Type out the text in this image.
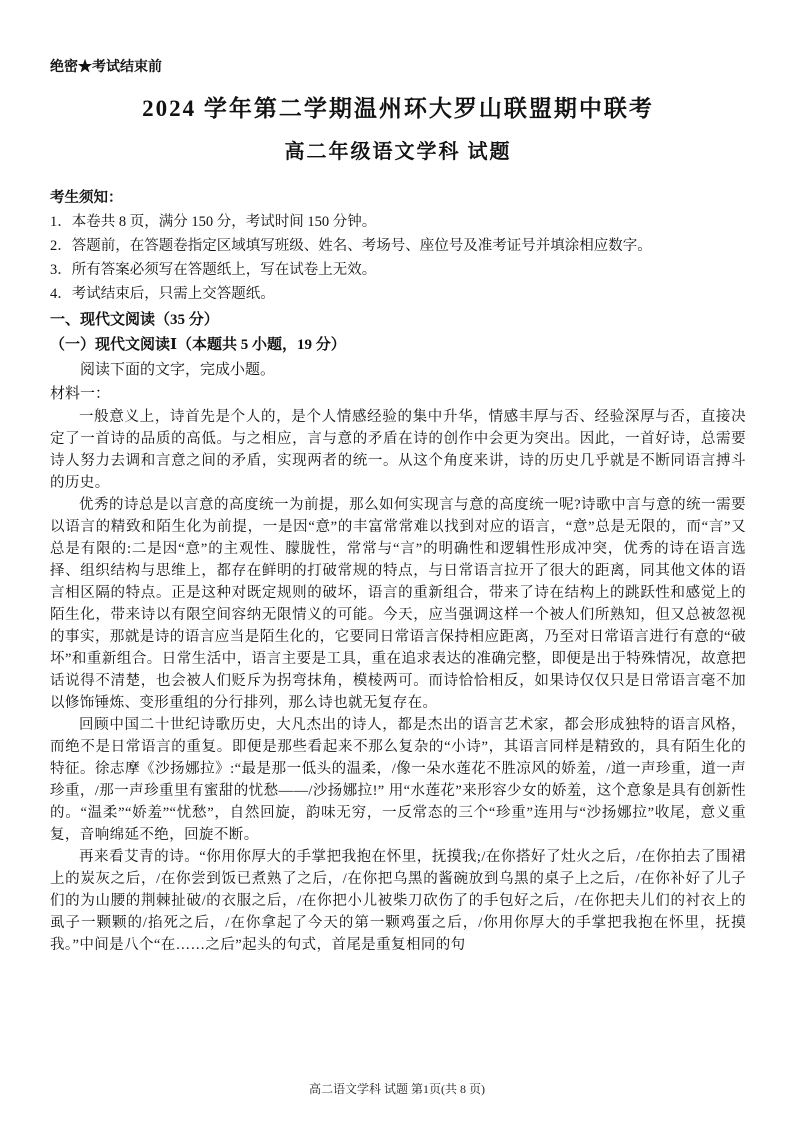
绝密★考试结束前
2024 学年第二学期温州环大罗山联盟期中联考
高二年级语文学科 试题
考生须知：
1．本卷共 8 页，满分 150 分，考试时间 150 分钟。
2．答题前，在答题卷指定区域填写班级、姓名、考场号、座位号及准考证号并填涂相应数字。
3．所有答案必须写在答题纸上，写在试卷上无效。
4．考试结束后，只需上交答题纸。
一、现代文阅读（35 分）
（一）现代文阅读Ⅰ（本题共 5 小题，19 分）
阅读下面的文字，完成小题。
材料一：

一般意义上，诗首先是个人的，是个人情感经验的集中升华，情感丰厚与否、经验深厚与否，直接决定了一首诗的品质的高低。与之相应，言与意的矛盾在诗的创作中会更为突出。因此，一首好诗，总需要诗人努力去调和言意之间的矛盾，实现两者的统一。从这个角度来讲，诗的历史几乎就是不断同语言搏斗的历史。

优秀的诗总是以言意的高度统一为前提，那么如何实现言与意的高度统一呢?诗歌中言与意的统一需要以语言的精致和陌生化为前提，一是因“意”的丰富常常难以找到对应的语言，“意”总是无限的，而“言”又总是有限的:二是因“意”的主观性、朦胧性，常常与“言”的明确性和逻辑性形成冲突，优秀的诗在语言选择、组织结构与思维上，都存在鲜明的打破常规的特点，与日常语言拉开了很大的距离，同其他文体的语言相区隔的特点。正是这种对既定规则的破坏，语言的重新组合，带来了诗在结构上的跳跃性和感觉上的陌生化，带来诗以有限空间容纳无限情义的可能。今天，应当强调这样一个被人们所熟知，但又总被忽视的事实，那就是诗的语言应当是陌生化的，它要同日常语言保持相应距离，乃至对日常语言进行有意的“破坏”和重新组合。日常生活中，语言主要是工具，重在追求表达的准确完整，即便是出于特殊情况，故意把话说得不清楚，也会被人们贬斥为拐弯抹角，模棱两可。而诗恰恰相反，如果诗仅仅只是日常语言毫不加以修饰锤炼、变形重组的分行排列，那么诗也就无复存在。

回顾中国二十世纪诗歌历史，大凡杰出的诗人，都是杰出的语言艺术家，都会形成独特的语言风格，而绝不是日常语言的重复。即便是那些看起来不那么复杂的“小诗”，其语言同样是精致的，具有陌生化的特征。徐志摩《沙扬娜拉》:“最是那一低头的温柔，/像一朵水莲花不胜凉风的娇羞，/道一声珍重，道一声珍重，/那一声珍重里有蜜甜的忧愁——/沙扬娜拉!” 用“水莲花”来形容少女的娇羞，这个意象是具有创新性的。“温柔”“娇羞”“忧愁”，自然回旋，韵味无穷，一反常态的三个“珍重”连用与“沙扬娜拉”收尾，意义重复，音响绵延不绝，回旋不断。

再来看艾青的诗。“你用你厚大的手掌把我抱在怀里，抚摸我;/在你搭好了灶火之后，/在你拍去了围裙上的炭灰之后，/在你尝到饭已煮熟了之后，/在你把乌黑的酱碗放到乌黑的桌子上之后，/在你补好了儿子们的为山腰的荆棘扯破/的衣服之后，/在你把小儿被柴刀砍伤了的手包好之后，/在你把夫儿们的衬衣上的虱子一颗颗的/掐死之后，/在你拿起了今天的第一颗鸡蛋之后，/你用你厚大的手掌把我抱在怀里，抚摸我。”中间是八个“在……之后”起头的句式，首尾是重复相同的句

高二语文学科 试题 第1页(共 8 页)
